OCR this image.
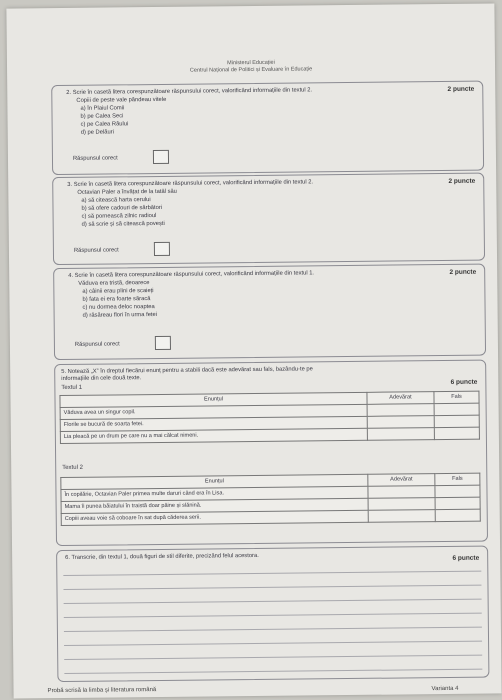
Ministerul Educației
Centrul Național de Politici și Evaluare în Educație
2. Scrie în casetă litera corespunzătoare răspunsului corect, valorificând informațiile din textul 2.	2 puncte
Copiii de peste vale pândeau vitele
a) în Plaiul Comii
b) pe Calea Seci
c) pe Calea Râului
d) pe Delăuri
Răspunsul corect
3. Scrie în casetă litera corespunzătoare răspunsului corect, valorificând informațiile din textul 2.	2 puncte
Octavian Paler a învățat de la tatăl său
a) să citească harta cerului
b) să ofere cadouri de sărbători
c) să pornească zilnic radioul
d) să scrie și să citească povești
Răspunsul corect
4. Scrie în casetă litera corespunzătoare răspunsului corect, valorificând informațiile din textul 1.	2 puncte
Văduva era tristă, deoarece
a) câinii erau plini de scaieți
b) fata ei era foarte săracă
c) nu dormea deloc noaptea
d) răsăreau flori în urma fetei
Răspunsul corect
5. Notează „X” în dreptul fiecărui enunț pentru a stabili dacă este adevărat sau fals, bazându-te pe
informațiile din cele două texte.
6 puncte
Textul 1
Enunțul	Adevărat	Fals
Văduva avea un singur copil.		
Florile se bucură de soarta fetei.		
Lia pleacă pe un drum pe care nu a mai călcat nimeni.		
Textul 2
Enunțul	Adevărat	Fals
În copilărie, Octavian Paler primea multe daruri când era în Lisa.		
Mama îi punea băiatului în traistă doar pâine și slănină.		
Copiii aveau voie să coboare în sat după căderea serii.		
6. Transcrie, din textul 1, două figuri de stil diferite, precizând felul acestora.	6 puncte
Probă scrisă la limba și literatura română	Varianta 4
